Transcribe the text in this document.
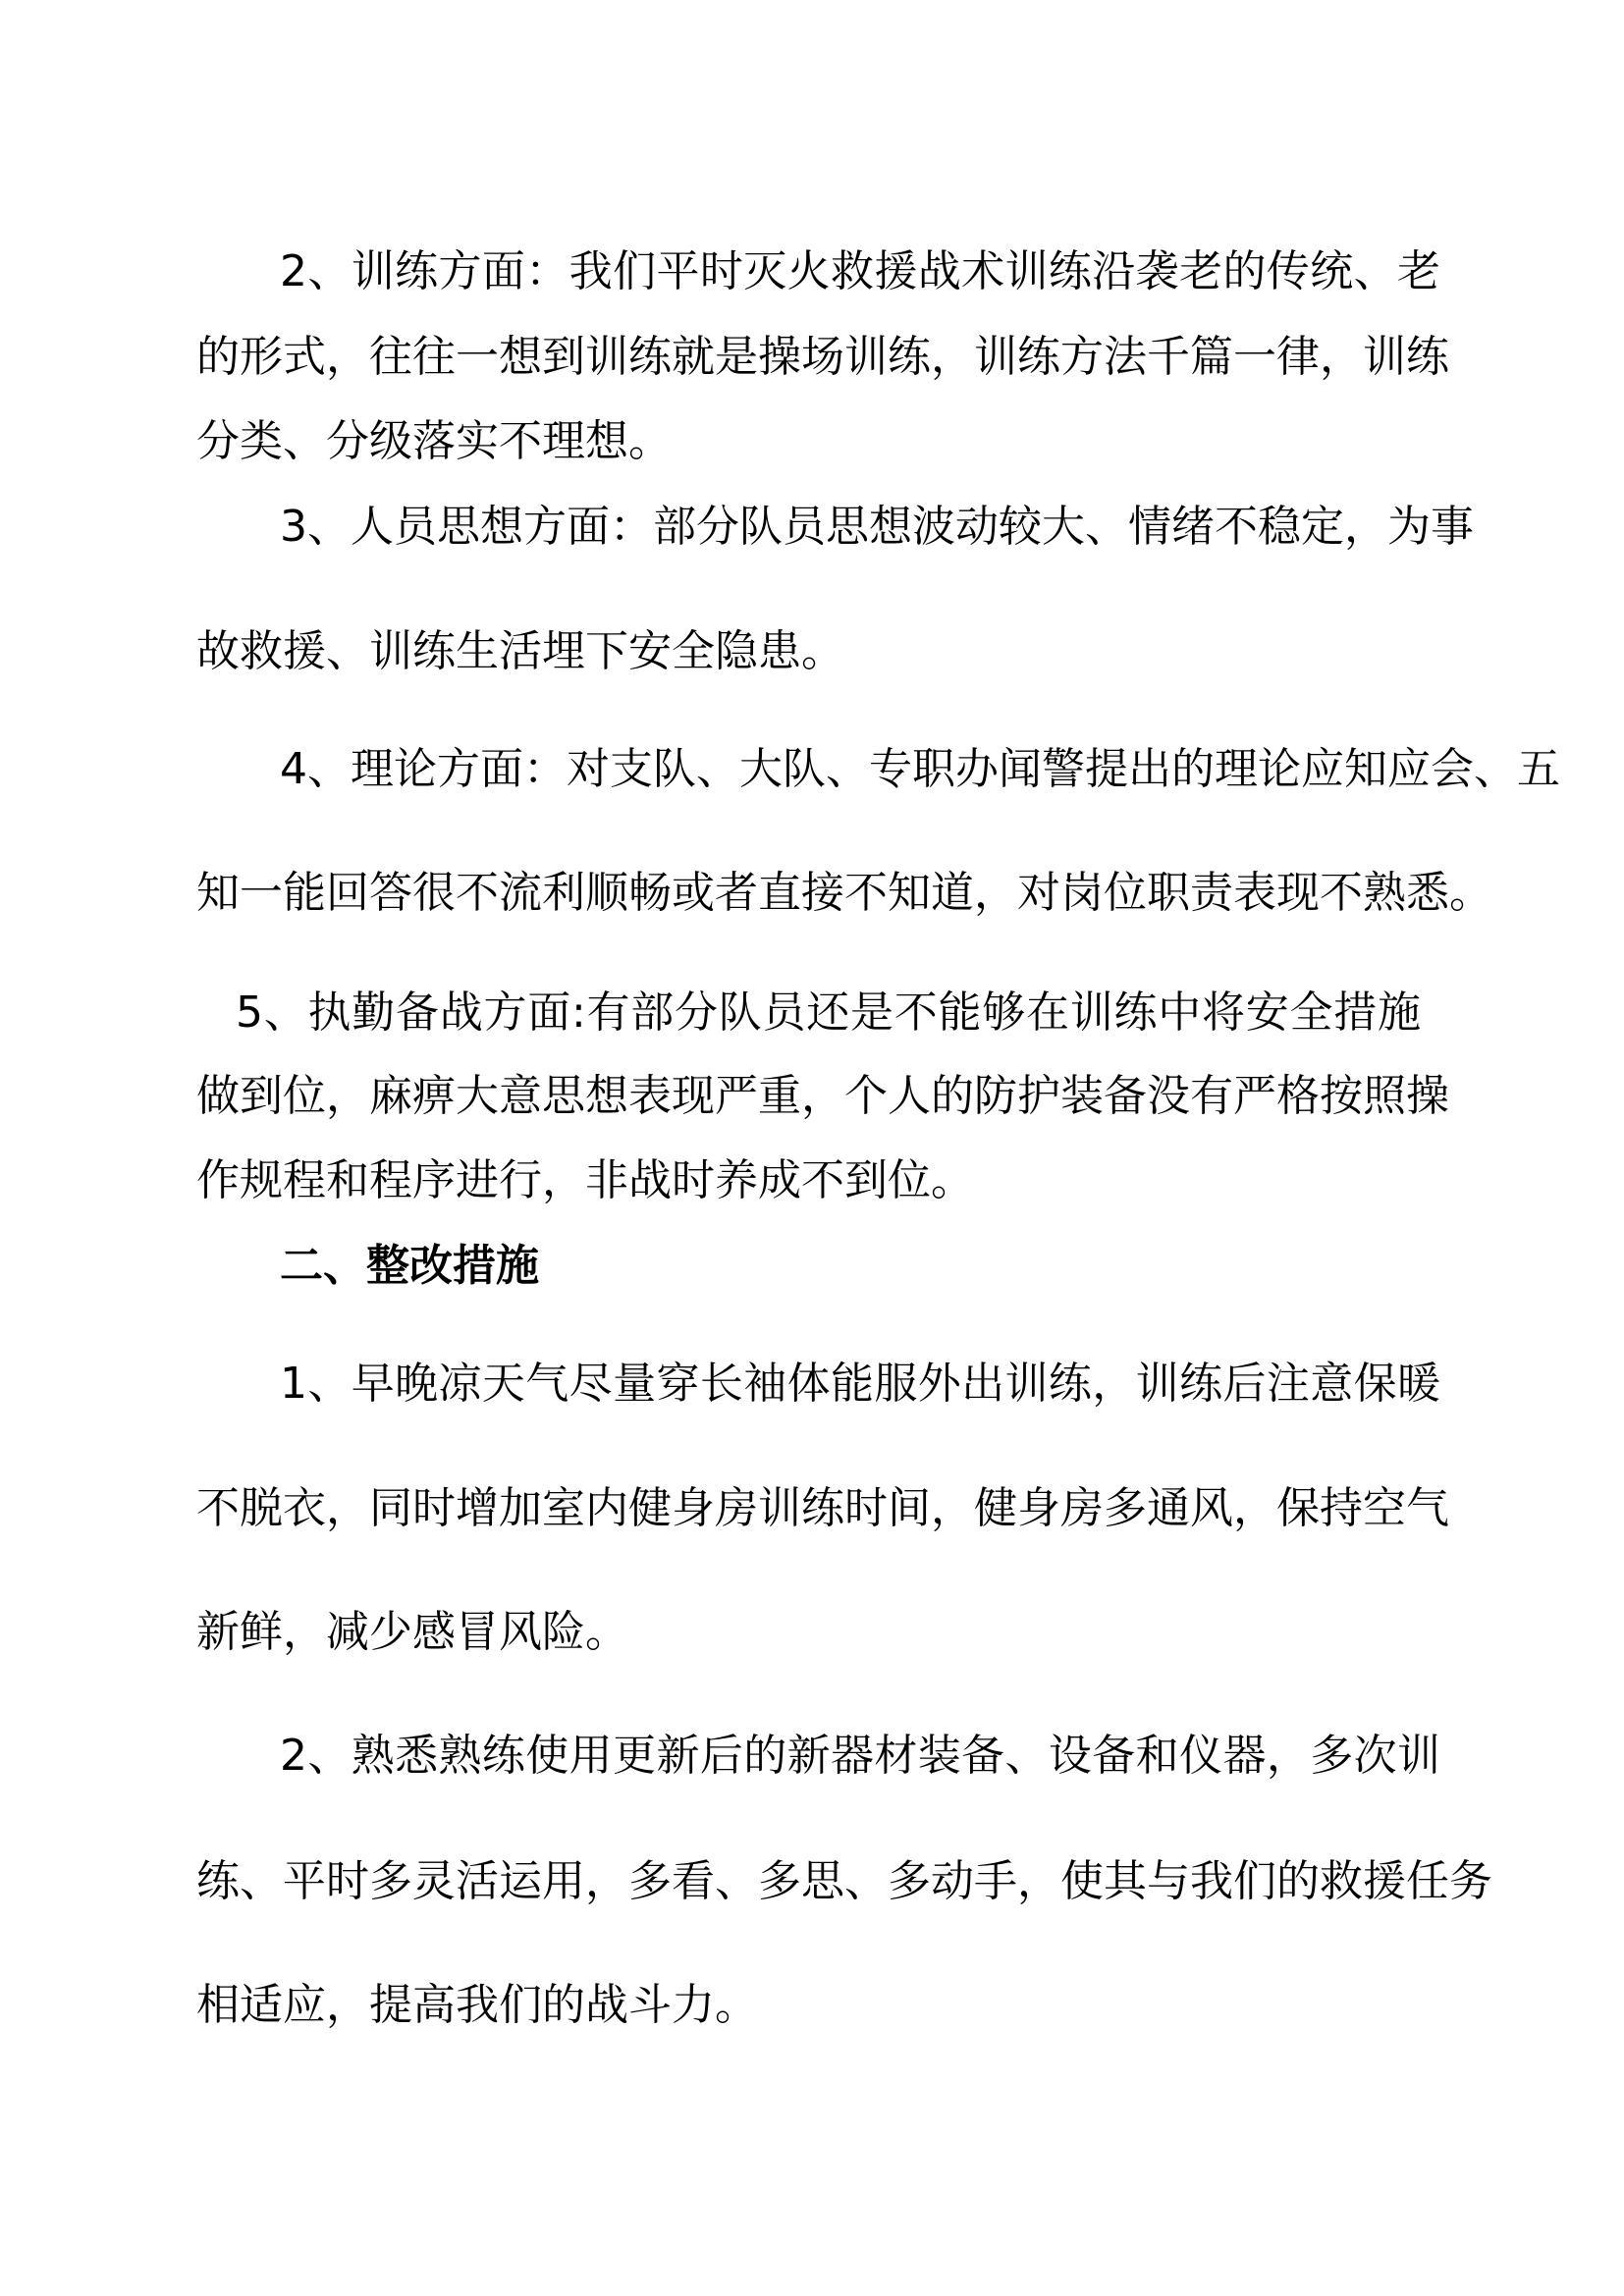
2、训练方面：我们平时灭火救援战术训练沿袭老的传统、老
的形式，往往一想到训练就是操场训练，训练方法千篇一律，训练
分类、分级落实不理想。
3、人员思想方面：部分队员思想波动较大、情绪不稳定，为事
故救援、训练生活埋下安全隐患。
4、理论方面：对支队、大队、专职办闻警提出的理论应知应会、五
知一能回答很不流利顺畅或者直接不知道，对岗位职责表现不熟悉。
5、执勤备战方面:有部分队员还是不能够在训练中将安全措施
做到位，麻痹大意思想表现严重，个人的防护装备没有严格按照操
作规程和程序进行，非战时养成不到位。
二、整改措施
1、早晚凉天气尽量穿长袖体能服外出训练，训练后注意保暖
不脱衣，同时增加室内健身房训练时间，健身房多通风，保持空气
新鲜，减少感冒风险。
2、熟悉熟练使用更新后的新器材装备、设备和仪器，多次训
练、平时多灵活运用，多看、多思、多动手，使其与我们的救援任务
相适应，提高我们的战斗力。
